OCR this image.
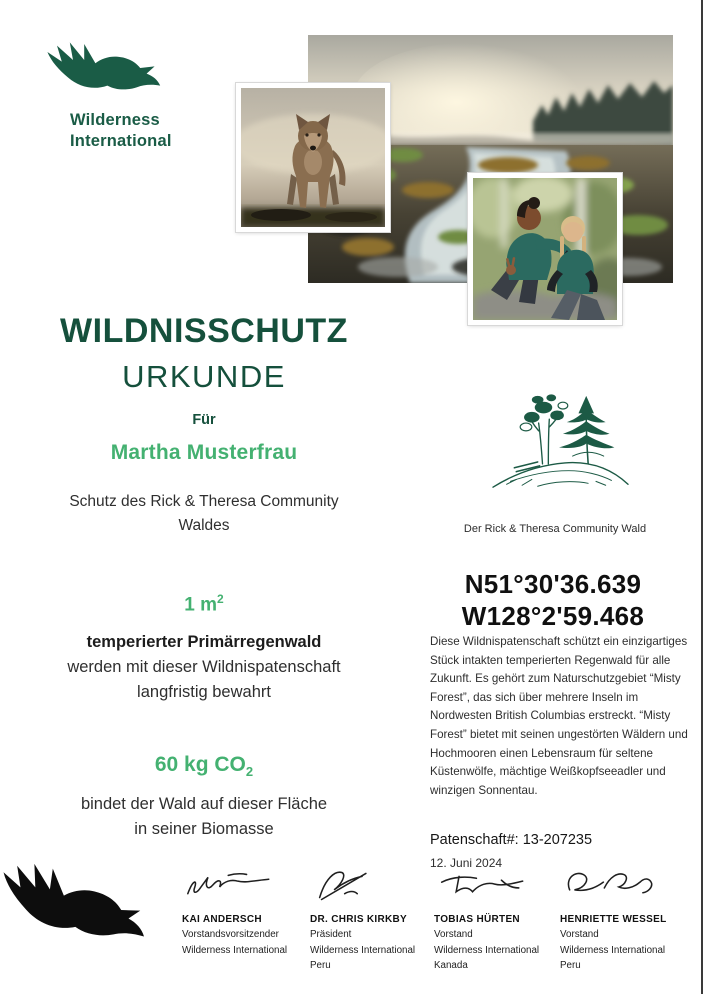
Wilderness
International
WILDNISSCHUTZ
URKUNDE
Für
Martha Musterfrau
Schutz des Rick & Theresa Community
Waldes
1 $m^2$
temperierter Primärregenwald
werden mit dieser Wildnispatenschaft
langfristig bewahrt
60 kg $CO_2$
bindet der Wald auf dieser Fläche
in seiner Biomasse
Der Rick & Theresa Community Wald
N51°30'36.639
W128°2'59.468
Diese Wildnispatenschaft schützt ein einzigartiges Stück intakten temperierten Regenwald für alle Zukunft. Es gehört zum Naturschutzgebiet “Misty Forest”, das sich über mehrere Inseln im Nordwesten British Columbias erstreckt. “Misty Forest” bietet mit seinen ungestörten Wäldern und Hochmooren einen Lebensraum für seltene Küstenwölfe, mächtige Weißkopfseeadler und winzigen Sonnentau.
Patenschaft#: 13-207235
12. Juni 2024
KAI ANDERSCH
Vorstandsvorsitzender
Wilderness International
DR. CHRIS KIRKBY
Präsident
Wilderness International
Peru
TOBIAS HÜRTEN
Vorstand
Wilderness International
Kanada
HENRIETTE WESSEL
Vorstand
Wilderness International
Peru
